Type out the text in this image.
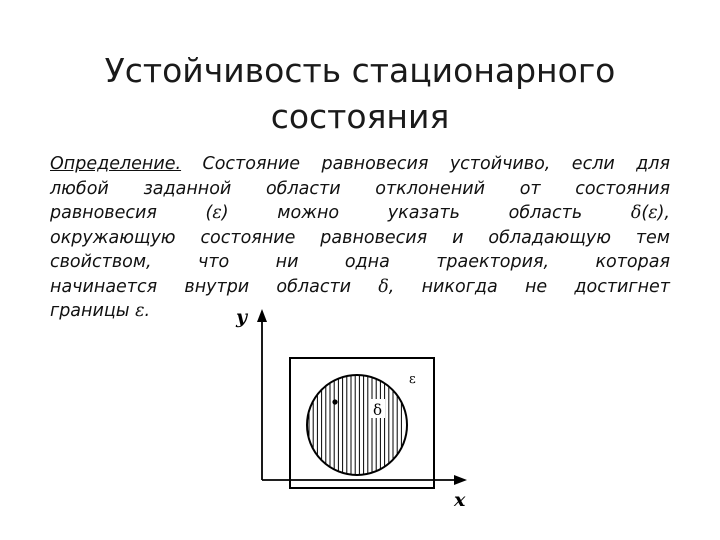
Устойчивость стационарного
состояния
Определение. Состояние равновесия устойчиво, если для
любой заданной области отклонений от состояния
равновесия (ε) можно указать область δ(ε),
окружающую состояние равновесия и обладающую тем
свойством, что ни одна траектория, которая
начинается внутри области δ, никогда не достигнет
границы ε.	y
x
ε
δ
